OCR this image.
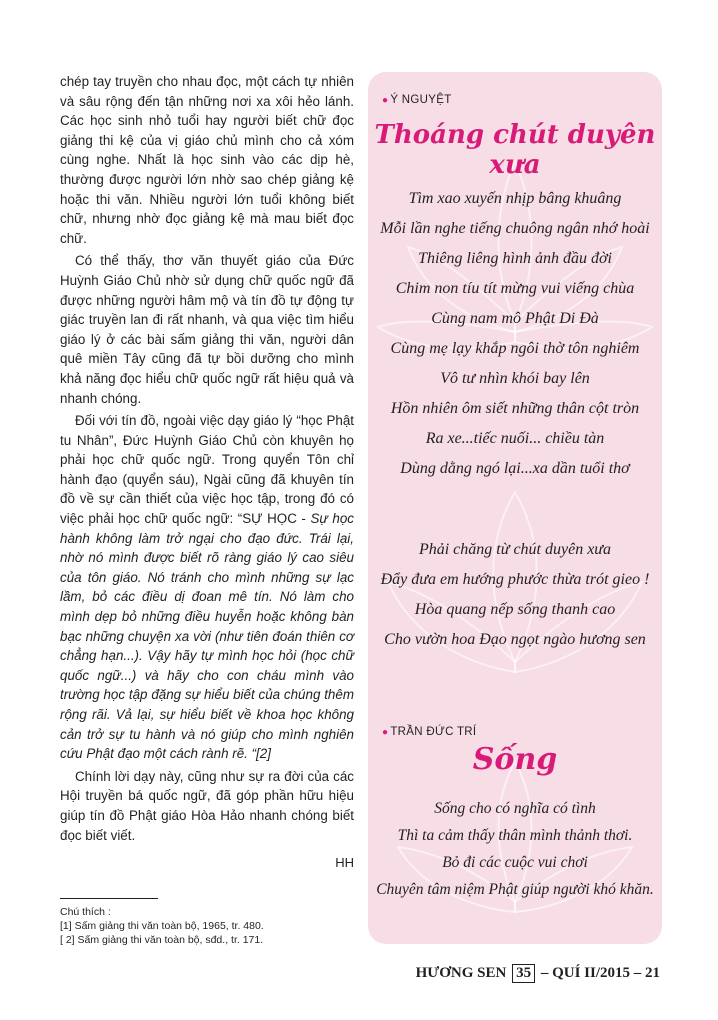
chép tay truyền cho nhau đọc, một cách tự nhiên và sâu rộng đến tận những nơi xa xôi hẻo lánh. Các học sinh nhỏ tuổi hay người biết chữ đọc giảng thi kệ của vị giáo chủ mình cho cả xóm cùng nghe. Nhất là học sinh vào các dịp hè, thường được người lớn nhờ sao chép giảng kệ hoặc thi văn. Nhiều người lớn tuổi không biết chữ, nhưng nhờ đọc giảng kệ mà mau biết đọc chữ.

Có thể thấy, thơ văn thuyết giáo của Đức Huỳnh Giáo Chủ nhờ sử dụng chữ quốc ngữ đã được những người hâm mộ và tín đồ tự động tự giác truyền lan đi rất nhanh, và qua việc tìm hiểu giáo lý ở các bài sấm giảng thi văn, người dân quê miền Tây cũng đã tự bồi dưỡng cho mình khả năng đọc hiểu chữ quốc ngữ rất hiệu quả và nhanh chóng.

Đối với tín đồ, ngoài việc dạy giáo lý “học Phật tu Nhân”, Đức Huỳnh Giáo Chủ còn khuyên họ phải học chữ quốc ngữ. Trong quyển Tôn chỉ hành đạo (quyển sáu), Ngài cũng đã khuyên tín đồ về sự cần thiết của việc học tập, trong đó có việc phải học chữ quốc ngữ: “SỰ HỌC - Sự học hành không làm trở ngại cho đạo đức. Trái lại, nhờ nó mình được biết rõ ràng giáo lý cao siêu của tôn giáo. Nó tránh cho mình những sự lạc lầm, bỏ các điều dị đoan mê tín. Nó làm cho mình dẹp bỏ những điều huyễn hoặc không bàn bạc những chuyện xa vời (như tiên đoán thiên cơ chẳng hạn...). Vậy hãy tự mình học hỏi (học chữ quốc ngữ...) và hãy cho con cháu mình vào trường học tập đặng sự hiểu biết của chúng thêm rộng rãi. Vả lại, sự hiểu biết về khoa học không cản trở sự tu hành và nó giúp cho mình nghiên cứu Phật đạo một cách rành rẽ. “[2]

Chính lời dạy này, cũng như sự ra đời của các Hội truyền bá quốc ngữ, đã góp phần hữu hiệu giúp tín đồ Phật giáo Hòa Hảo nhanh chóng biết đọc biết viết.

HH
Chú thích :
[1] Sấm giảng thi văn toàn bộ, 1965, tr. 480.
[ 2] Sấm giảng thi văn toàn bộ, sđd., tr. 171.
● Ý NGUYỆT
Thoáng chút duyên xưa
Tìm xao xuyến nhịp bâng khuâng
Mỗi lần nghe tiếng chuông ngân nhớ hoài
Thiêng liêng hình ảnh đầu đời
Chim non tíu tít mừng vui viếng chùa
Cùng nam mô Phật Di Đà
Cùng mẹ lạy khắp ngôi thờ tôn nghiêm
Vô tư nhìn khói bay lên
Hồn nhiên ôm siết những thân cột tròn
Ra xe...tiếc nuối... chiều tàn
Dùng dằng ngó lại...xa dần tuổi thơ
Phải chăng từ chút duyên xưa
Đẩy đưa em hướng phước thừa trót gieo !
Hòa quang nếp sống thanh cao
Cho vườn hoa Đạo ngọt ngào hương sen
● TRẦN ĐỨC TRÍ
Sống
Sống cho có nghĩa có tình
Thì ta cảm thấy thân mình thảnh thơi.
Bỏ đi các cuộc vui chơi
Chuyên tâm niệm Phật giúp người khó khăn.
HƯƠNG SEN 35 – QUÍ II/2015 – 21
